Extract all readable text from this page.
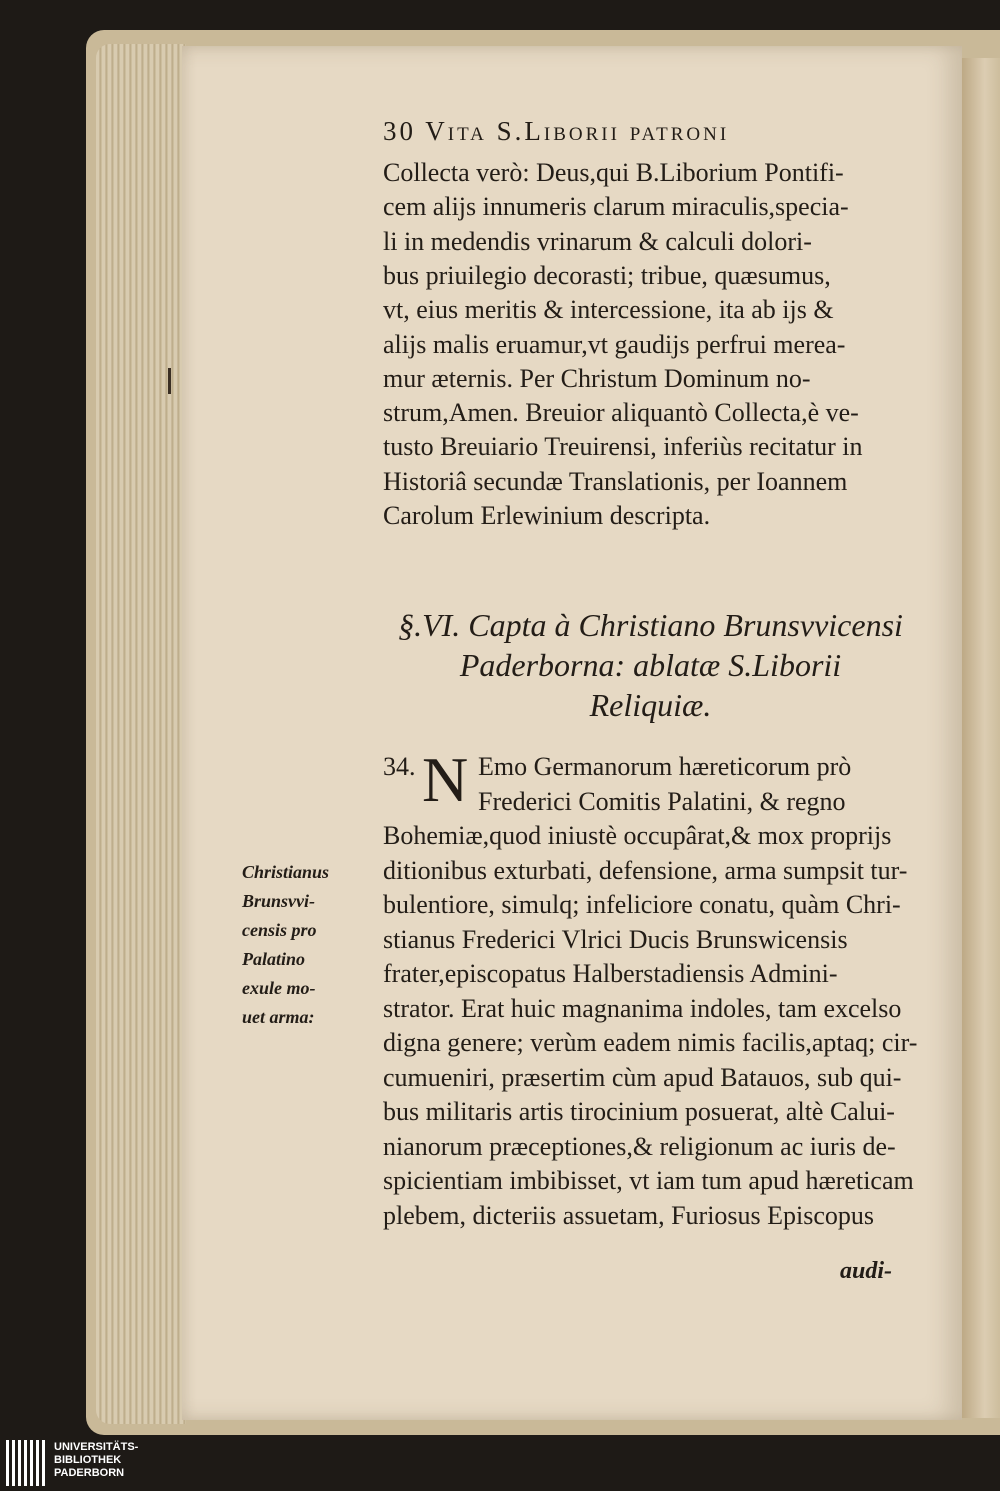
30 Vita S.Liborii patroni
Collecta verò: Deus,qui B.Liborium Pontifi-
cem alijs innumeris clarum miraculis,specia-
li in medendis vrinarum & calculi dolori-
bus priuilegio decorasti; tribue, quæsumus,
vt, eius meritis & intercessione, ita ab ijs &
alijs malis eruamur,vt gaudijs perfrui merea-
mur æternis. Per Christum Dominum no-
strum,Amen. Breuior aliquantò Collecta,è ve-
tusto Breuiario Treuirensi, inferiùs recitatur in
Historiâ secundæ Translationis, per Ioannem
Carolum Erlewinium descripta.
§.VI. Capta à Christiano Brunsvvicensi
Paderborna: ablatæ S.Liborii
Reliquiæ.
34. N Emo Germanorum hæreticorum prò
Frederici Comitis Palatini, & regno
Bohemiæ,quod iniustè occupârat,& mox proprijs
ditionibus exturbati, defensione, arma sumpsit tur-
bulentiore, simulq; infeliciore conatu, quàm Chri-
stianus Frederici Vlrici Ducis Brunswicensis
frater,episcopatus Halberstadiensis Admini-
strator. Erat huic magnanima indoles, tam excelso
digna genere; verùm eadem nimis facilis,aptaq; cir-
cumueniri, præsertim cùm apud Batauos, sub qui-
bus militaris artis tirocinium posuerat, altè Calui-
nianorum præceptiones,& religionum ac iuris de-
spicientiam imbibisset, vt iam tum apud hæreticam
plebem, dicteriis assuetam, Furiosus Episcopus
Christianus
Brunsvvi-
censis pro
Palatino
exule mo-
uet arma:
audi-
UNIVERSITÄTS-
BIBLIOTHEK
PADERBORN
